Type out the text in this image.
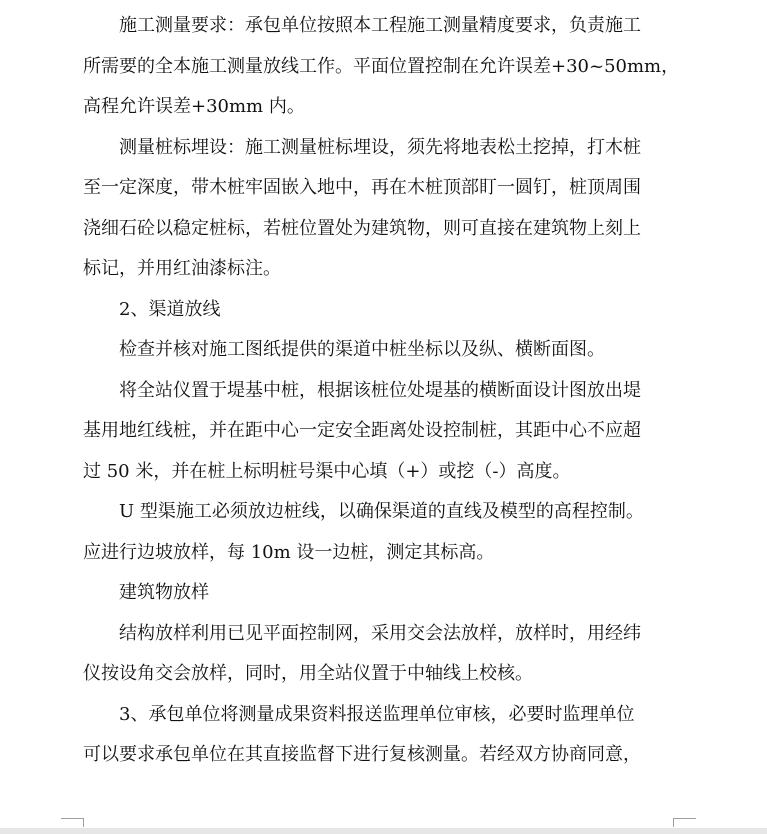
施工测量要求：承包单位按照本工程施工测量精度要求，负责施工
所需要的全本施工测量放线工作。平面位置控制在允许误差+30~50mm，
高程允许误差+30mm 内。

测量桩标埋设：施工测量桩标埋设，须先将地表松土挖掉，打木桩
至一定深度，带木桩牢固嵌入地中，再在木桩顶部盯一圆钉，桩顶周围
浇细石砼以稳定桩标，若桩位置处为建筑物，则可直接在建筑物上刻上
标记，并用红油漆标注。

2、渠道放线

检查并核对施工图纸提供的渠道中桩坐标以及纵、横断面图。

将全站仪置于堤基中桩，根据该桩位处堤基的横断面设计图放出堤
基用地红线桩，并在距中心一定安全距离处设控制桩，其距中心不应超
过 50 米，并在桩上标明桩号渠中心填（+）或挖（-）高度。

U 型渠施工必须放边桩线，以确保渠道的直线及模型的高程控制。
应进行边坡放样，每 10m 设一边桩，测定其标高。

建筑物放样

结构放样利用已见平面控制网，采用交会法放样，放样时，用经纬
仪按设角交会放样，同时，用全站仪置于中轴线上校核。

3、承包单位将测量成果资料报送监理单位审核，必要时监理单位
可以要求承包单位在其直接监督下进行复核测量。若经双方协商同意，
